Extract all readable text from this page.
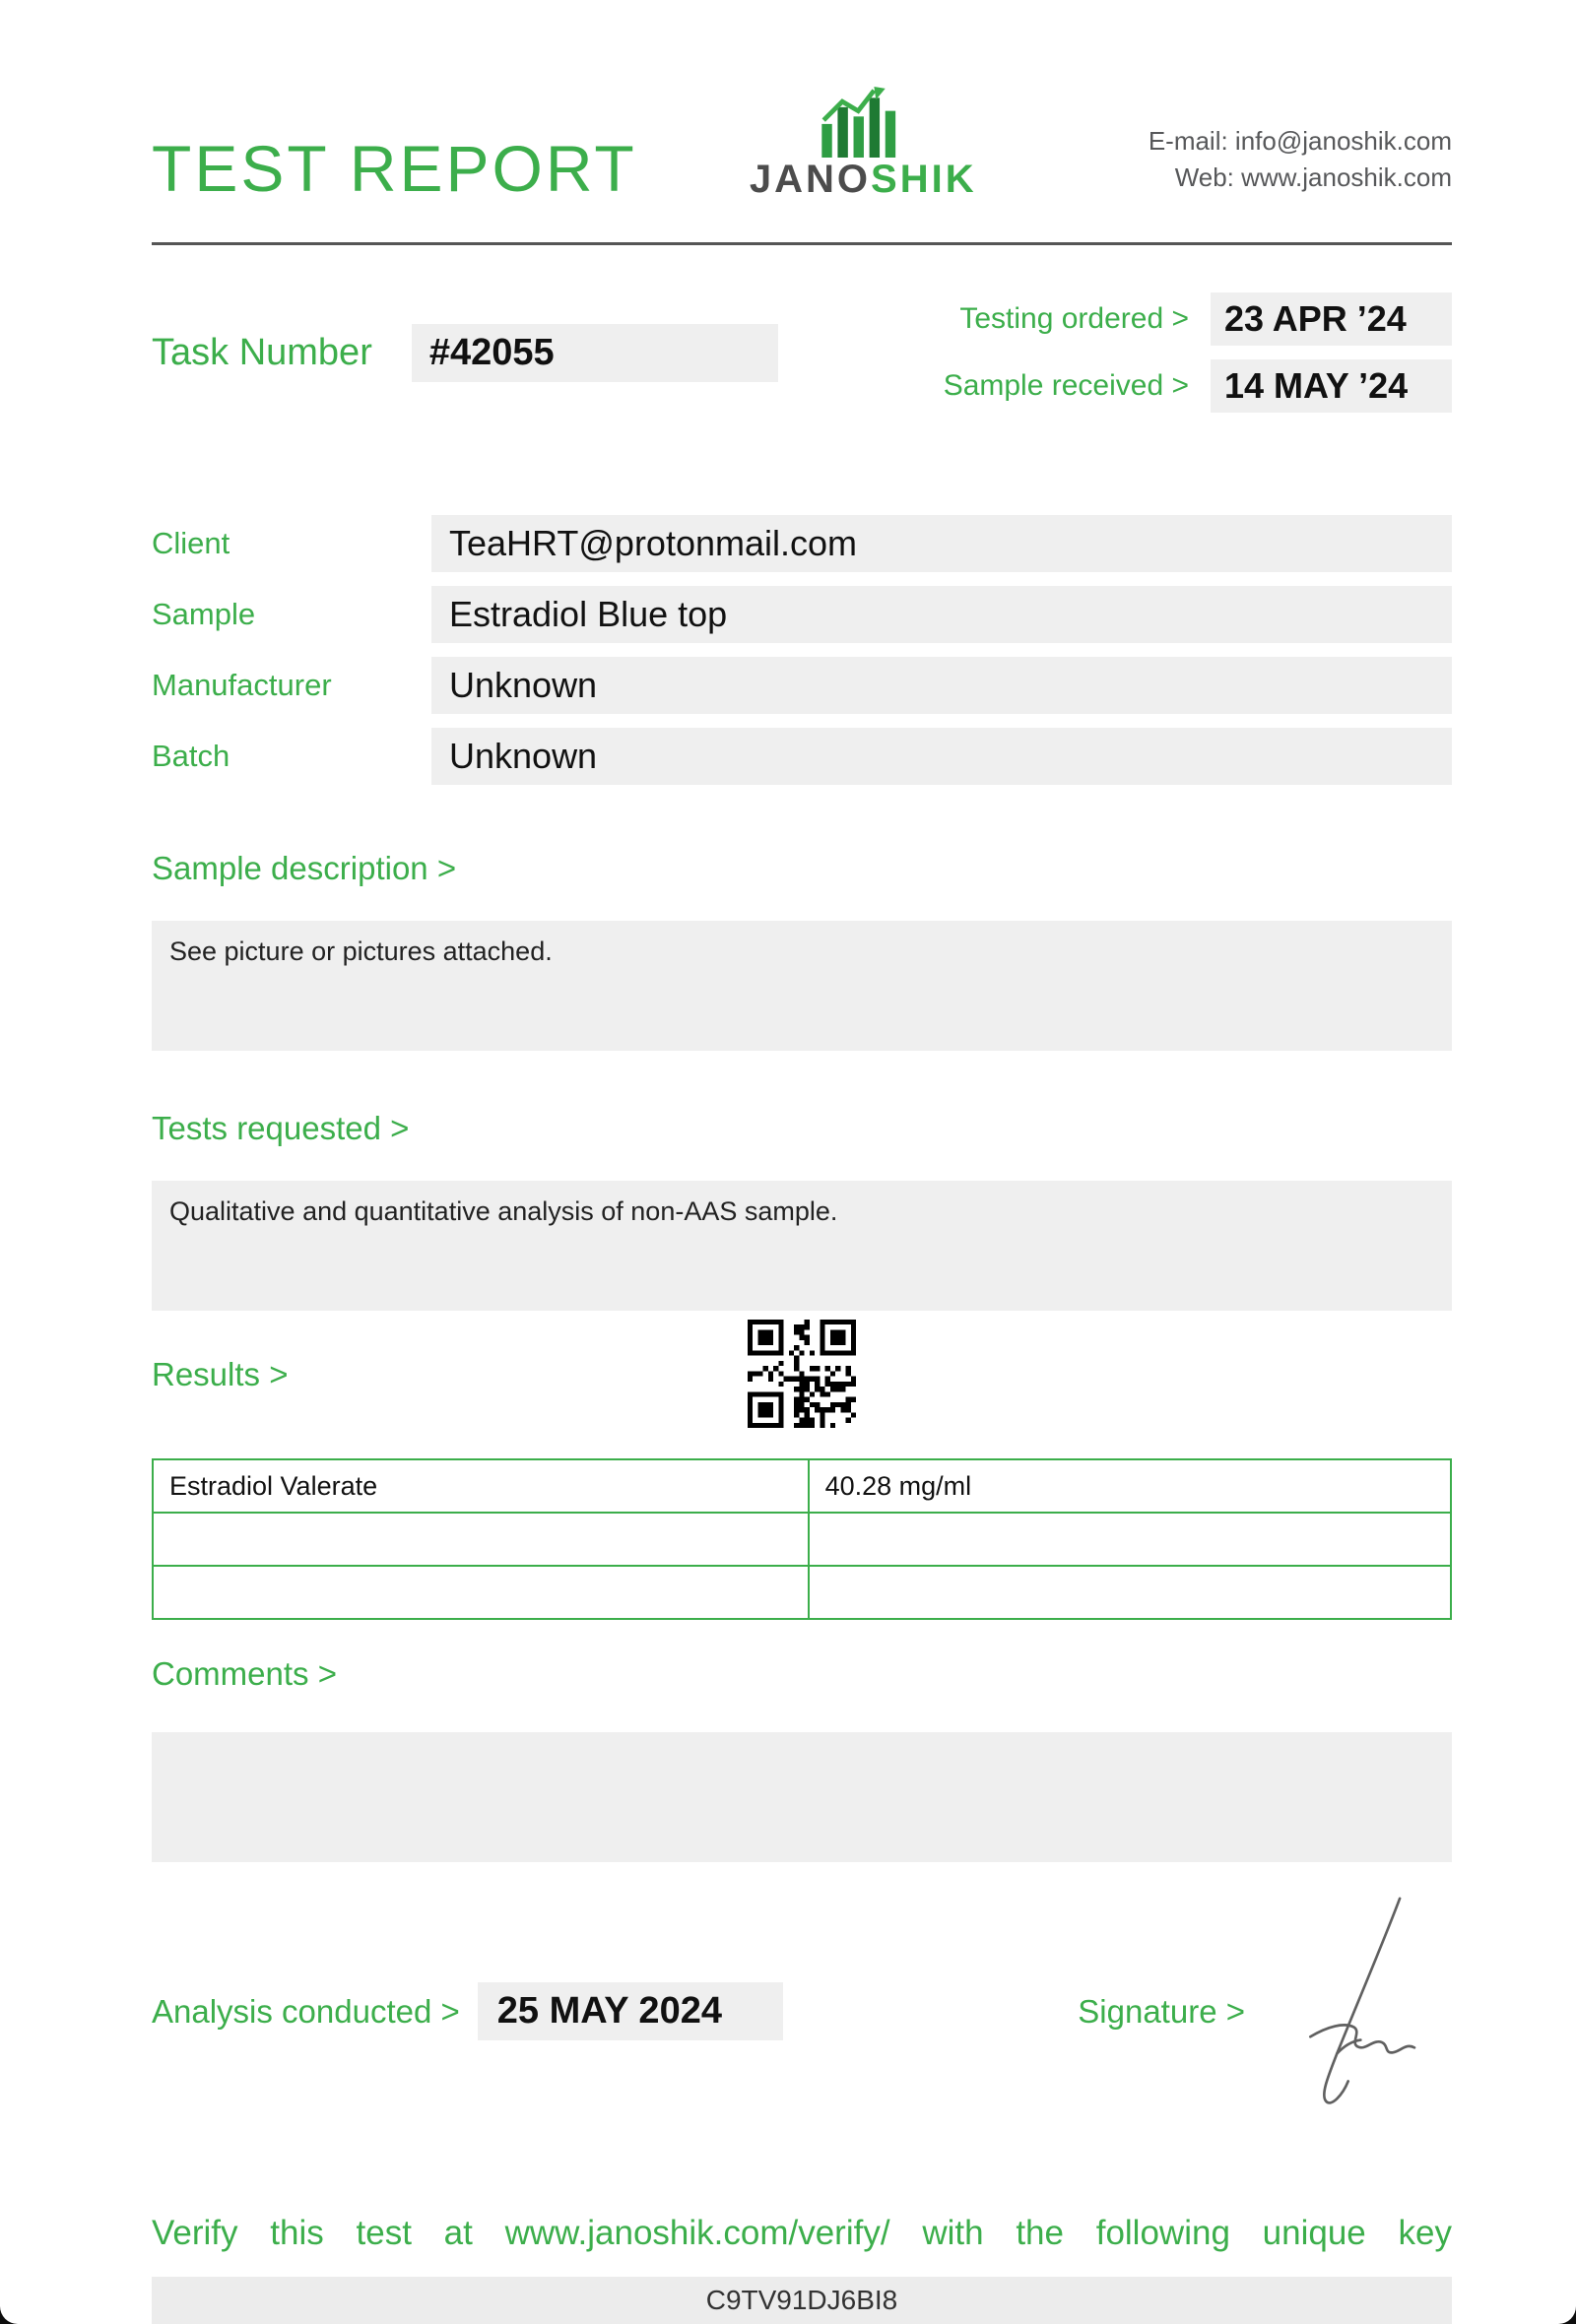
TEST REPORT	JANOSHIK
E-mail: info@janoshik.com
Web: www.janoshik.com
Task Number	#42055
Testing ordered >	23 APR ’24
Sample received >	14 MAY ’24
Client	TeaHRT@protonmail.com
Sample	Estradiol Blue top
Manufacturer	Unknown
Batch	Unknown
Sample description >
See picture or pictures attached.
Tests requested >
Qualitative and quantitative analysis of non-AAS sample.
Results >
Estradiol Valerate	40.28 mg/ml

Comments >
Analysis conducted >	25 MAY 2024	Signature >
Verify this test at www.janoshik.com/verify/ with the following unique key
C9TV91DJ6BI8
